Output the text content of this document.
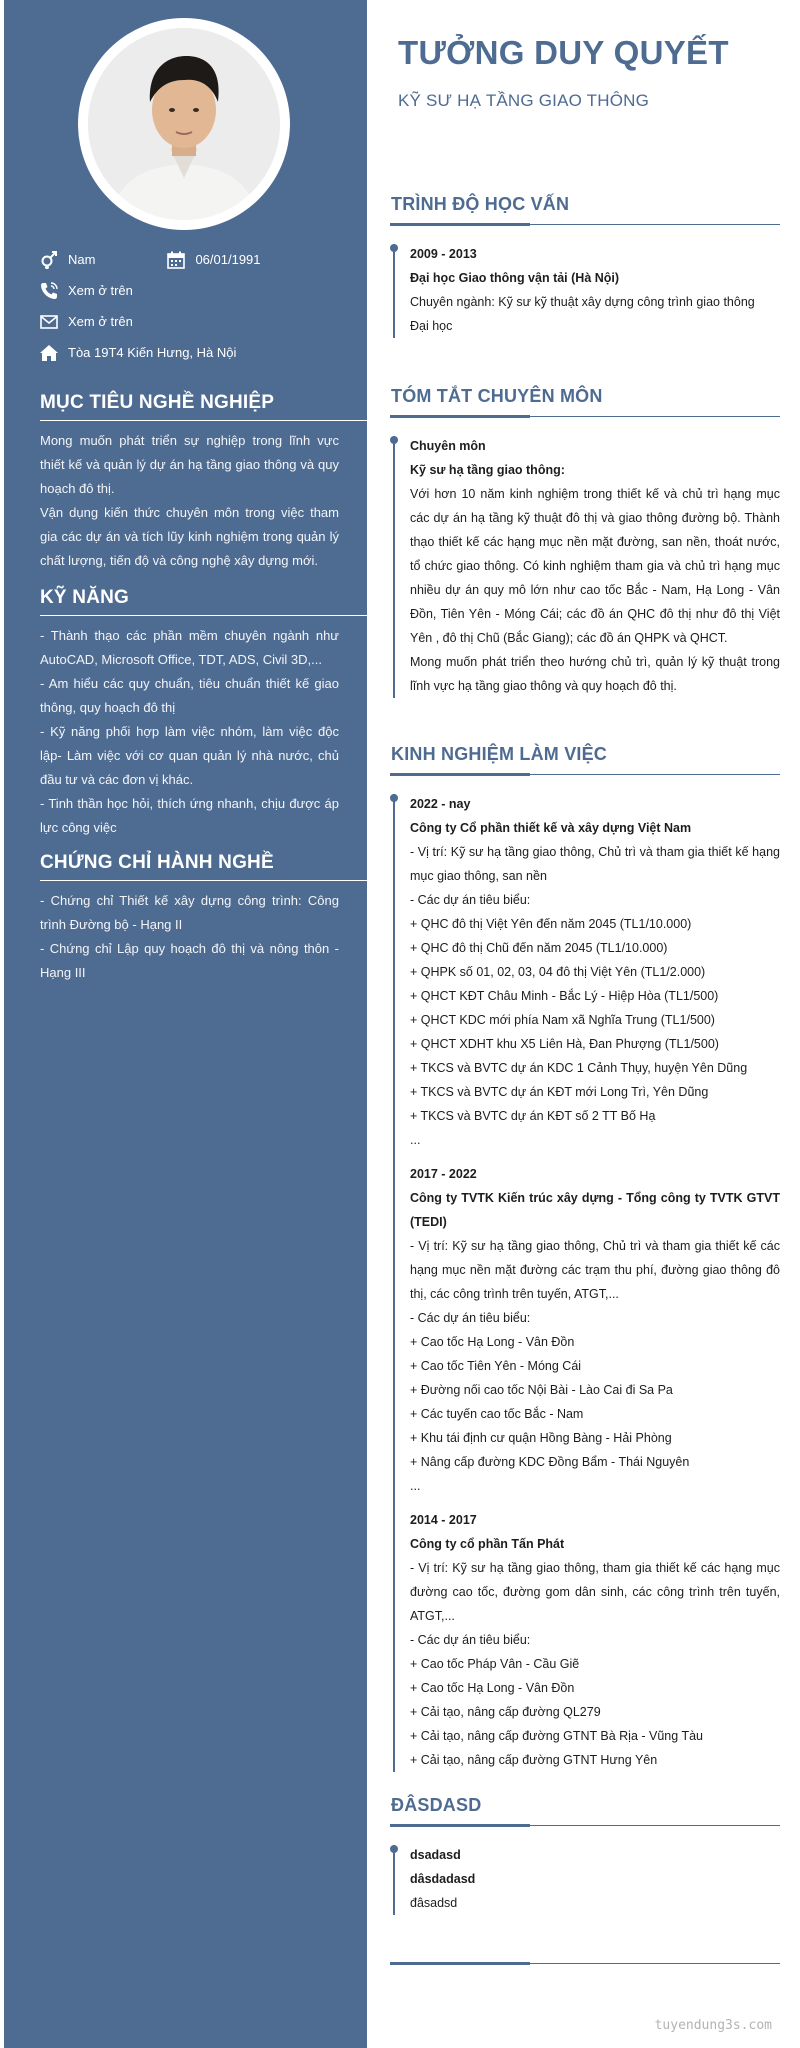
Nam	06/01/1991
Xem ở trên
Xem ở trên
Tòa 19T4 Kiến Hưng, Hà Nội
MỤC TIÊU NGHỀ NGHIỆP
Mong muốn phát triển sự nghiệp trong lĩnh vực thiết kế và quản lý dự án hạ tầng giao thông và quy hoạch đô thị.
Vận dụng kiến thức chuyên môn trong việc tham gia các dự án và tích lũy kinh nghiệm trong quản lý chất lượng, tiến độ và công nghệ xây dựng mới.
KỸ NĂNG
- Thành thạo các phần mềm chuyên ngành như AutoCAD, Microsoft Office, TDT, ADS, Civil 3D,...
- Am hiểu các quy chuẩn, tiêu chuẩn thiết kế giao thông, quy hoạch đô thị
- Kỹ năng phối hợp làm việc nhóm, làm việc độc lập- Làm việc với cơ quan quản lý nhà nước, chủ đầu tư và các đơn vị khác.
- Tinh thần học hỏi, thích ứng nhanh, chịu được áp lực công việc
CHỨNG CHỈ HÀNH NGHỀ
- Chứng chỉ Thiết kế xây dựng công trình: Công trình Đường bộ - Hạng II
- Chứng chỉ Lập quy hoạch đô thị và nông thôn - Hạng III
TƯỞNG DUY QUYẾT
KỸ SƯ HẠ TẦNG GIAO THÔNG
TRÌNH ĐỘ HỌC VẤN
2009 - 2013
Đại học Giao thông vận tải (Hà Nội)
Chuyên ngành: Kỹ sư kỹ thuật xây dựng công trình giao thông
Đại học
TÓM TẮT CHUYÊN MÔN
Chuyên môn
Kỹ sư hạ tầng giao thông:
Với hơn 10 năm kinh nghiệm trong thiết kế và chủ trì hạng mục các dự án hạ tầng kỹ thuật đô thị và giao thông đường bộ. Thành thạo thiết kế các hạng mục nền mặt đường, san nền, thoát nước, tổ chức giao thông. Có kinh nghiệm tham gia và chủ trì hạng mục nhiều dự án quy mô lớn như cao tốc Bắc - Nam, Hạ Long - Vân Đồn, Tiên Yên - Móng Cái; các đồ án QHC đô thị như đô thị Việt Yên , đô thị Chũ (Bắc Giang); các đồ án QHPK và QHCT.
Mong muốn phát triển theo hướng chủ trì, quản lý kỹ thuật trong lĩnh vực hạ tầng giao thông và quy hoạch đô thị.
KINH NGHIỆM LÀM VIỆC
2022 - nay
Công ty Cổ phần thiết kế và xây dựng Việt Nam
- Vị trí: Kỹ sư hạ tầng giao thông, Chủ trì và tham gia thiết kế hạng mục giao thông, san nền
- Các dự án tiêu biểu:
+ QHC đô thị Việt Yên đến năm 2045 (TL1/10.000)
+ QHC đô thị Chũ đến năm 2045 (TL1/10.000)
+ QHPK số 01, 02, 03, 04 đô thị Việt Yên (TL1/2.000)
+ QHCT KĐT Châu Minh - Bắc Lý - Hiệp Hòa (TL1/500)
+ QHCT KDC mới phía Nam xã Nghĩa Trung (TL1/500)
+ QHCT XDHT khu X5 Liên Hà, Đan Phượng (TL1/500)
+ TKCS và BVTC dự án KDC 1 Cảnh Thụy, huyện Yên Dũng
+ TKCS và BVTC dự án KĐT mới Long Trì, Yên Dũng
+ TKCS và BVTC dự án KĐT số 2 TT Bố Hạ
...
2017 - 2022
Công ty TVTK Kiến trúc xây dựng - Tổng công ty TVTK GTVT (TEDI)
- Vị trí: Kỹ sư hạ tầng giao thông, Chủ trì và tham gia thiết kế các hạng mục nền mặt đường các trạm thu phí, đường giao thông đô thị, các công trình trên tuyến, ATGT,...
- Các dự án tiêu biểu:
+ Cao tốc Hạ Long - Vân Đồn
+ Cao tốc Tiên Yên - Móng Cái
+ Đường nối cao tốc Nội Bài - Lào Cai đi Sa Pa
+ Các tuyến cao tốc Bắc - Nam
+ Khu tái định cư quận Hồng Bàng - Hải Phòng
+ Nâng cấp đường KDC Đồng Bẩm - Thái Nguyên
...
2014 - 2017
Công ty cổ phần Tấn Phát
- Vị trí: Kỹ sư hạ tầng giao thông, tham gia thiết kế các hạng mục đường cao tốc, đường gom dân sinh, các công trình trên tuyến, ATGT,...
- Các dự án tiêu biểu:
+ Cao tốc Pháp Vân - Cầu Giẽ
+ Cao tốc Hạ Long - Vân Đồn
+ Cải tạo, nâng cấp đường QL279
+ Cải tạo, nâng cấp đường GTNT Bà Rịa - Vũng Tàu
+ Cải tạo, nâng cấp đường GTNT Hưng Yên
ĐÂSDASD
dsadasd
dâsdadasd
đâsadsd
tuyendung3s.com
